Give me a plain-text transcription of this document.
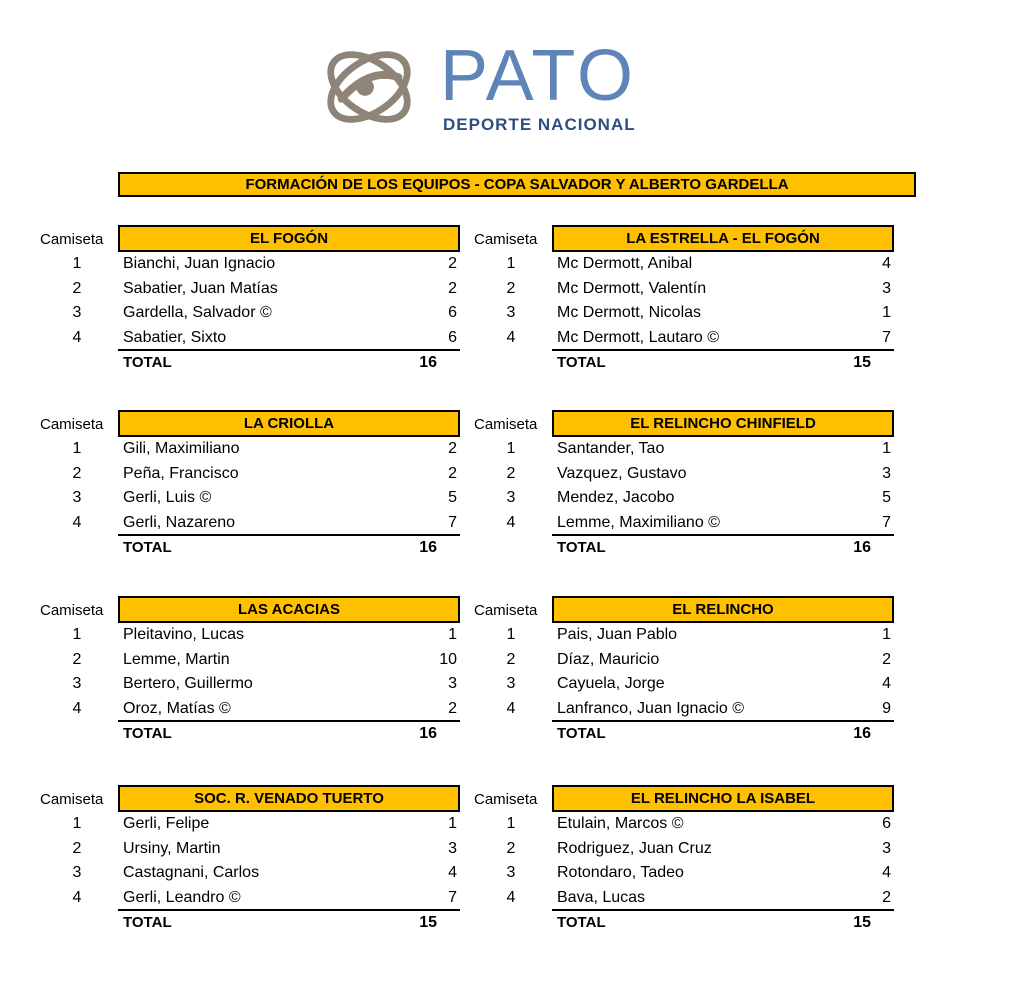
PATO
DEPORTE NACIONAL
FORMACIÓN DE LOS EQUIPOS - COPA SALVADOR Y ALBERTO GARDELLA
Camiseta	EL FOGÓN
1	Bianchi, Juan Ignacio	2
2	Sabatier, Juan Matías	2
3	Gardella, Salvador ©	6
4	Sabatier, Sixto	6
TOTAL	16
Camiseta	LA ESTRELLA - EL FOGÓN
1	Mc Dermott, Anibal	4
2	Mc Dermott, Valentín	3
3	Mc Dermott, Nicolas	1
4	Mc Dermott, Lautaro ©	7
TOTAL	15
Camiseta	LA CRIOLLA
1	Gili, Maximiliano	2
2	Peña, Francisco	2
3	Gerli, Luis ©	5
4	Gerli, Nazareno	7
TOTAL	16
Camiseta	EL RELINCHO CHINFIELD
1	Santander, Tao	1
2	Vazquez, Gustavo	3
3	Mendez, Jacobo	5
4	Lemme, Maximiliano ©	7
TOTAL	16
Camiseta	LAS ACACIAS
1	Pleitavino, Lucas	1
2	Lemme, Martin	10
3	Bertero, Guillermo	3
4	Oroz, Matías ©	2
TOTAL	16
Camiseta	EL RELINCHO
1	Pais, Juan Pablo	1
2	Díaz, Mauricio	2
3	Cayuela, Jorge	4
4	Lanfranco, Juan Ignacio ©	9
TOTAL	16
Camiseta	SOC. R. VENADO TUERTO
1	Gerli, Felipe	1
2	Ursiny, Martin	3
3	Castagnani, Carlos	4
4	Gerli, Leandro ©	7
TOTAL	15
Camiseta	EL RELINCHO LA ISABEL
1	Etulain, Marcos ©	6
2	Rodriguez, Juan Cruz	3
3	Rotondaro, Tadeo	4
4	Bava, Lucas	2
TOTAL	15
